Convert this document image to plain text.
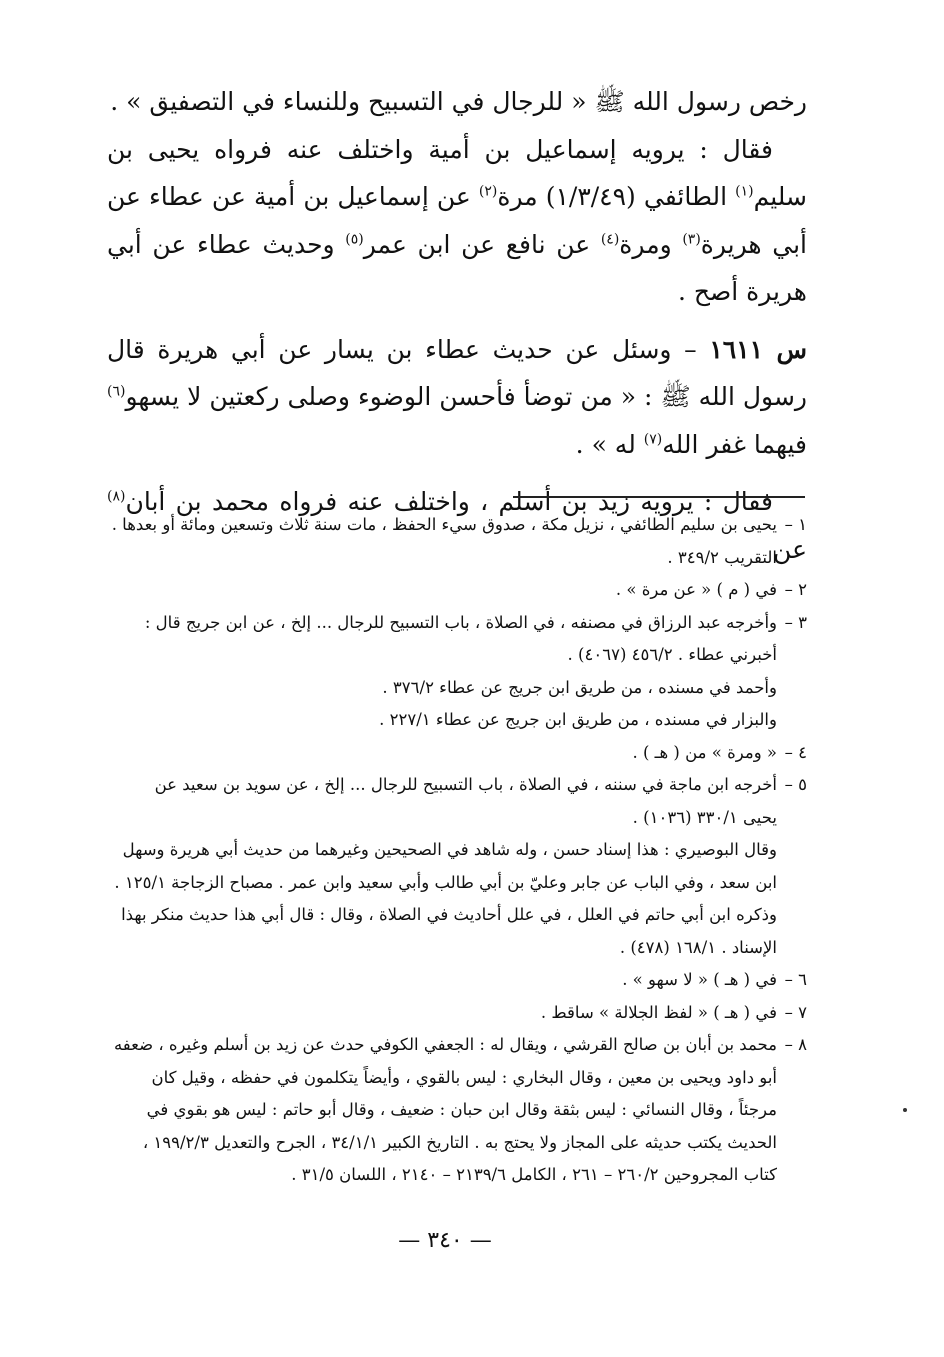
رخص رسول الله ﷺ « للرجال في التسبيح وللنساء في التصفيق » .

فقال : يرويه إسماعيل بن أمية واختلف عنه فرواه يحيى بن سليم$^{(١)}$ الطائفي (١/٣/٤٩) مرة$^{(٢)}$ عن إسماعيل بن أمية عن عطاء عن أبي هريرة$^{(٣)}$ ومرة$^{(٤)}$ عن نافع عن ابن عمر$^{(٥)}$ وحديث عطاء عن أبي هريرة أصح .

س ١٦١١ – وسئل عن حديث عطاء بن يسار عن أبي هريرة قال رسول الله ﷺ : « من توضأ فأحسن الوضوء وصلى ركعتين لا يسهو$^{(٦)}$ فيهما غفر الله$^{(٧)}$ له » .

فقال : يرويه زيد بن أسلم ، واختلف عنه فرواه محمد بن أبان$^{(٨)}$ عن

١ –
يحيى بن سليم الطائفي ، نزيل مكة ، صدوق سيء الحفظ ، مات سنة ثلاث وتسعين ومائة أو بعدها .
التقريب ٣٤٩/٢ .
٢ –
في ( م ) « عن مرة » .
٣ –
وأخرجه عبد الرزاق في مصنفه ، في الصلاة ، باب التسبيح للرجال ... إلخ ، عن ابن جريج قال :
أخبرني عطاء . ٤٥٦/٢ (٤٠٦٧) .
وأحمد في مسنده ، من طريق ابن جريج عن عطاء ٣٧٦/٢ .
والبزار في مسنده ، من طريق ابن جريج عن عطاء ٢٢٧/١ .
٤ –
« ومرة » من ( هـ ) .
٥ –
أخرجه ابن ماجة في سننه ، في الصلاة ، باب التسبيح للرجال ... إلخ ، عن سويد بن سعيد عن
يحيى ٣٣٠/١ (١٠٣٦) .
وقال البوصيري : هذا إسناد حسن ، وله شاهد في الصحيحين وغيرهما من حديث أبي هريرة وسهل
ابن سعد ، وفي الباب عن جابر وعليّ بن أبي طالب وأبي سعيد وابن عمر . مصباح الزجاجة ١٢٥/١ .
وذكره ابن أبي حاتم في العلل ، في علل أحاديث في الصلاة ، وقال : قال أبي هذا حديث منكر بهذا
الإسناد . ١٦٨/١ (٤٧٨) .
٦ –
في ( هـ ) « لا سهو » .
٧ –
في ( هـ ) « لفظ الجلالة » ساقط .
٨ –
محمد بن أبان بن صالح القرشي ، ويقال له : الجعفي الكوفي حدث عن زيد بن أسلم وغيره ، ضعفه
أبو داود ويحيى بن معين ، وقال البخاري : ليس بالقوي ، وأيضاً يتكلمون في حفظه ، وقيل كان
مرجئاً ، وقال النسائي : ليس بثقة وقال ابن حبان : ضعيف ، وقال أبو حاتم : ليس هو بقوي في
الحديث يكتب حديثه على المجاز ولا يحتج به . التاريخ الكبير ٣٤/١/١ ، الجرح والتعديل ١٩٩/٢/٣ ،
كتاب المجروحين ٢٦٠/٢ – ٢٦١ ، الكامل ٢١٣٩/٦ – ٢١٤٠ ، اللسان ٣١/٥ .
— ٣٤٠ —
